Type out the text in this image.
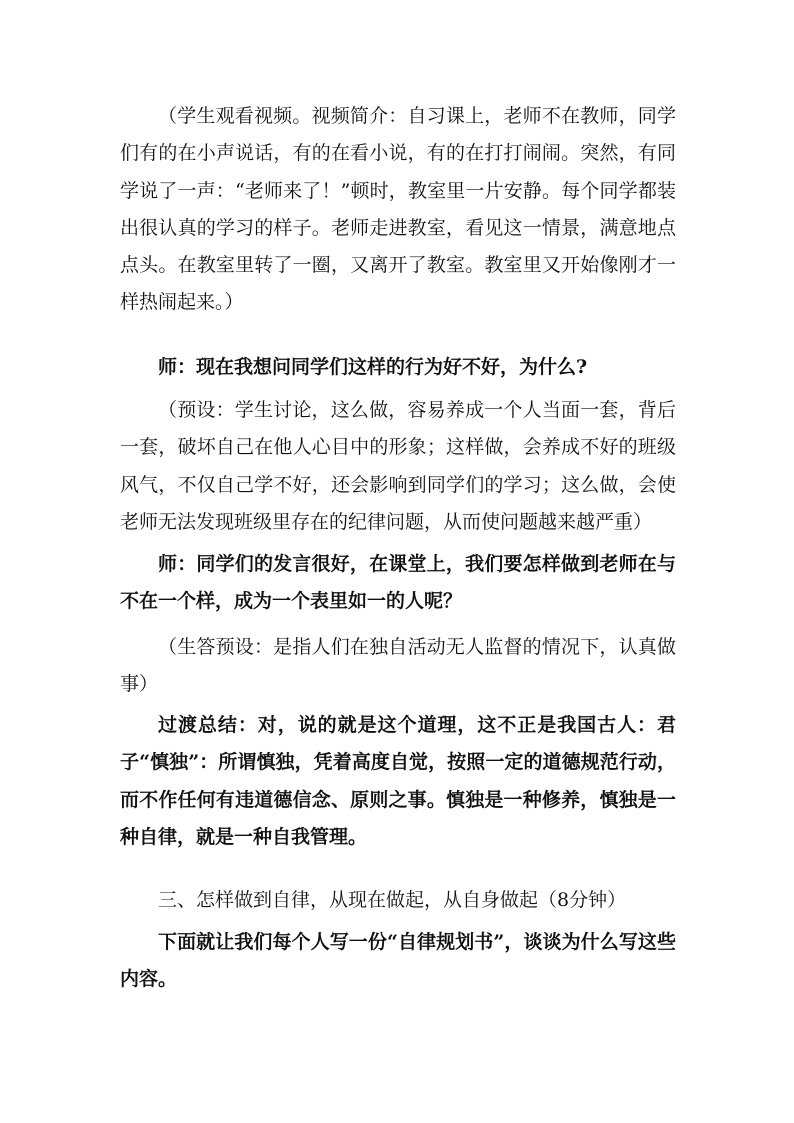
（学生观看视频。视频简介：自习课上，老师不在教师，同学们有的在小声说话，有的在看小说，有的在打打闹闹。突然，有同学说了一声：“老师来了！”顿时，教室里一片安静。每个同学都装出很认真的学习的样子。老师走进教室，看见这一情景，满意地点点头。在教室里转了一圈，又离开了教室。教室里又开始像刚才一样热闹起来。）

师：现在我想问同学们这样的行为好不好，为什么?

（预设：学生讨论，这么做，容易养成一个人当面一套，背后一套，破坏自己在他人心目中的形象；这样做，会养成不好的班级风气，不仅自己学不好，还会影响到同学们的学习；这么做，会使老师无法发现班级里存在的纪律问题，从而使问题越来越严重）

师：同学们的发言很好，在课堂上，我们要怎样做到老师在与不在一个样，成为一个表里如一的人呢？

（生答预设：是指人们在独自活动无人监督的情况下，认真做事）

过渡总结：对，说的就是这个道理，这不正是我国古人：君子“慎独”：所谓慎独，凭着高度自觉，按照一定的道德规范行动，而不作任何有违道德信念、原则之事。慎独是一种修养，慎独是一种自律，就是一种自我管理。

三、怎样做到自律，从现在做起，从自身做起（8分钟）

下面就让我们每个人写一份“自律规划书”，谈谈为什么写这些内容。
